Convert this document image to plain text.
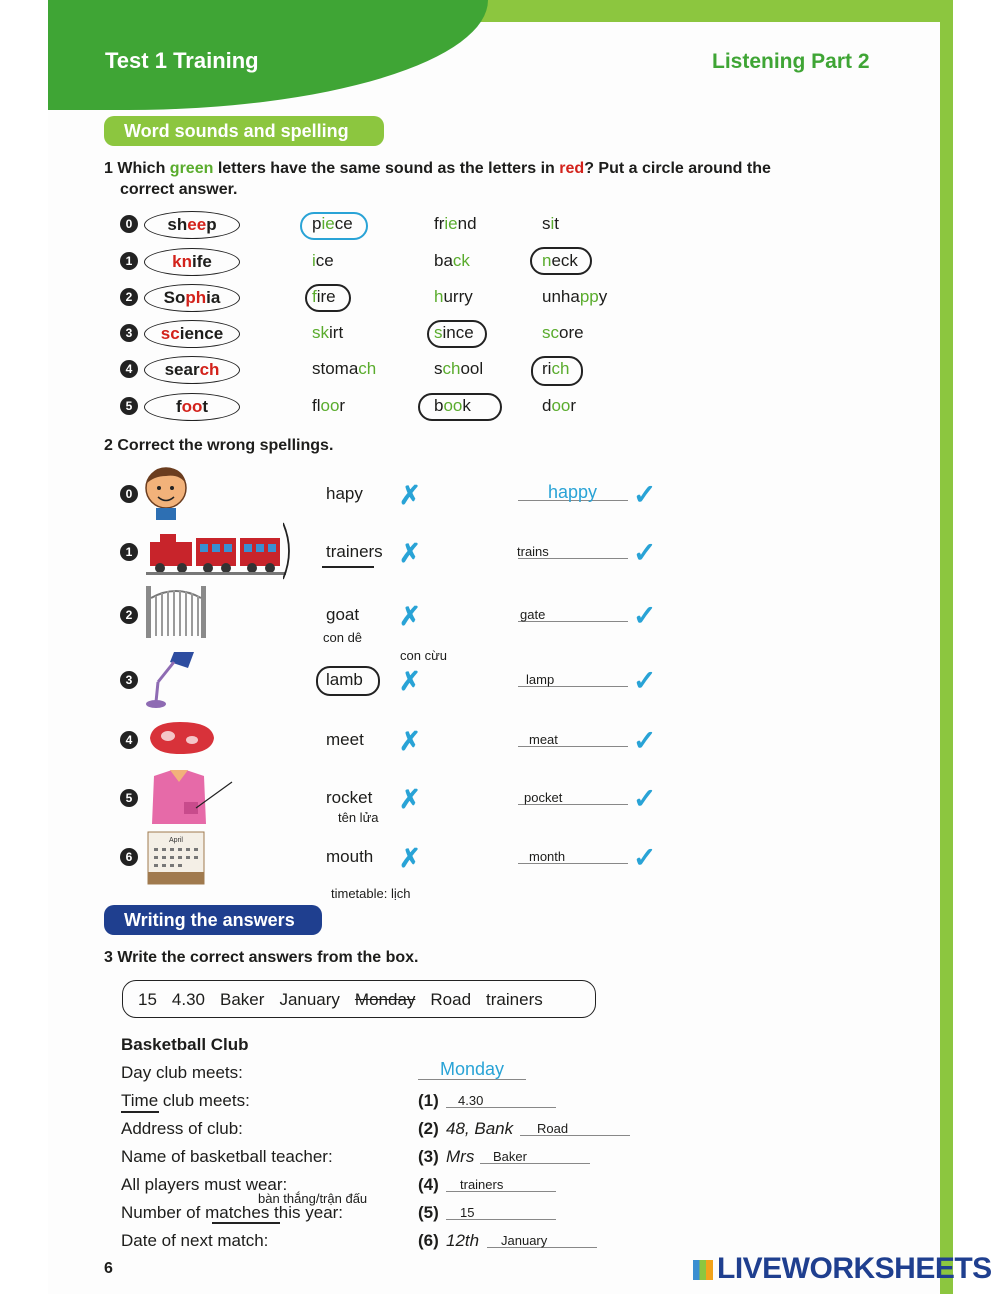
Test 1 Training	Listening Part 2
Word sounds and spelling
1 Which green letters have the same sound as the letters in red? Put a circle around the
correct answer.
0	sheep	piece	friend	sit
1	knife	ice	back	neck
2	Sophia	fire	hurry	unhappy
3	science	skirt	since	score
4	search	stomach	school	rich
5	foot	floor	book	door
2 Correct the wrong spellings.
0	hapy ✗	happy ✓
1	trainers ✗	trains	✓
2	goat ✗	gate	✓
con dê
3	lamb ✗	lamp	✓
con cừu
4	meet ✗	meat	✓
5	rocket ✗	pocket	✓
tên lửa
6	mouth ✗	month ✓
timetable: lịch
April
Writing the answers
3 Write the correct answers from the box.
15 4.30 Baker January Monday Road trainers
Basketball Club
Day club meets:	Monday
Time club meets:	(1) 4.30
Address of club:	(2) 48, Bank Road
Name of basketball teacher:	(3) Mrs Baker
All players must wear:	(4) trainers
Number of matches this year:	(5) 15
Date of next match:	(6) 12th January
bàn thắng/trận đấu
6	LIVEWORKSHEETS
